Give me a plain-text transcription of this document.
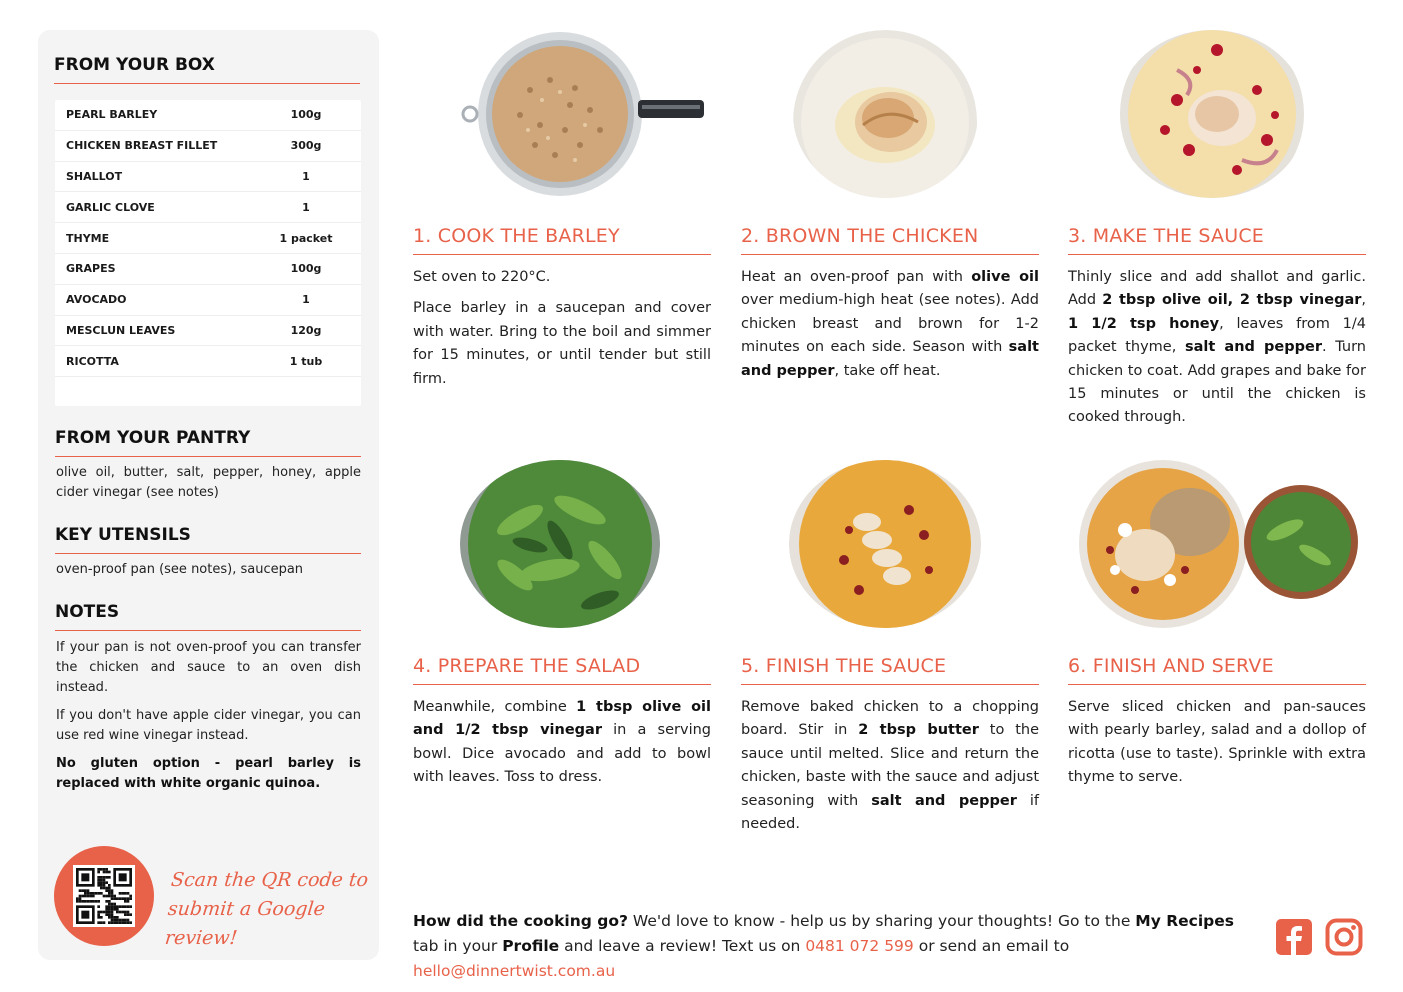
FROM YOUR BOX
PEARL BARLEY	100g
CHICKEN BREAST FILLET	300g
SHALLOT	1
GARLIC CLOVE	1
THYME	1 packet
GRAPES	100g
AVOCADO	1
MESCLUN LEAVES	120g
RICOTTA	1 tub
FROM YOUR PANTRY
olive oil, butter, salt, pepper, honey, apple cider vinegar (see notes)
KEY UTENSILS
oven-proof pan (see notes), saucepan
NOTES

If your pan is not oven-proof you can transfer the chicken and sauce to an oven dish instead.

If you don't have apple cider vinegar, you can use red wine vinegar instead.

No gluten option - pearl barley is replaced with white organic quinoa.

Scan the QR code to
submit a Google review!
1. COOK THE BARLEY

Set oven to 220°C.

Place barley in a saucepan and cover with water. Bring to the boil and simmer for 15 minutes, or until tender but still firm.

2. BROWN THE CHICKEN

Heat an oven-proof pan with olive oil over medium-high heat (see notes). Add chicken breast and brown for 1-2 minutes on each side. Season with salt and pepper, take off heat.

3. MAKE THE SAUCE

Thinly slice and add shallot and garlic. Add 2 tbsp olive oil, 2 tbsp vinegar, 1 1/2 tsp honey, leaves from 1/4 packet thyme, salt and pepper. Turn chicken to coat. Add grapes and bake for 15 minutes or until the chicken is cooked through.

4. PREPARE THE SALAD

Meanwhile, combine 1 tbsp olive oil and 1/2 tbsp vinegar in a serving bowl. Dice avocado and add to bowl with leaves. Toss to dress.

5. FINISH THE SAUCE

Remove baked chicken to a chopping board. Stir in 2 tbsp butter to the sauce until melted. Slice and return the chicken, baste with the sauce and adjust seasoning with salt and pepper if needed.

6. FINISH AND SERVE

Serve sliced chicken and pan-sauces with pearly barley, salad and a dollop of ricotta (use to taste). Sprinkle with extra thyme to serve.

How did the cooking go? We'd love to know - help us by sharing your thoughts! Go to the My Recipes tab in your Profile and leave a review! Text us on 0481 072 599 or send an email to hello@dinnertwist.com.au
